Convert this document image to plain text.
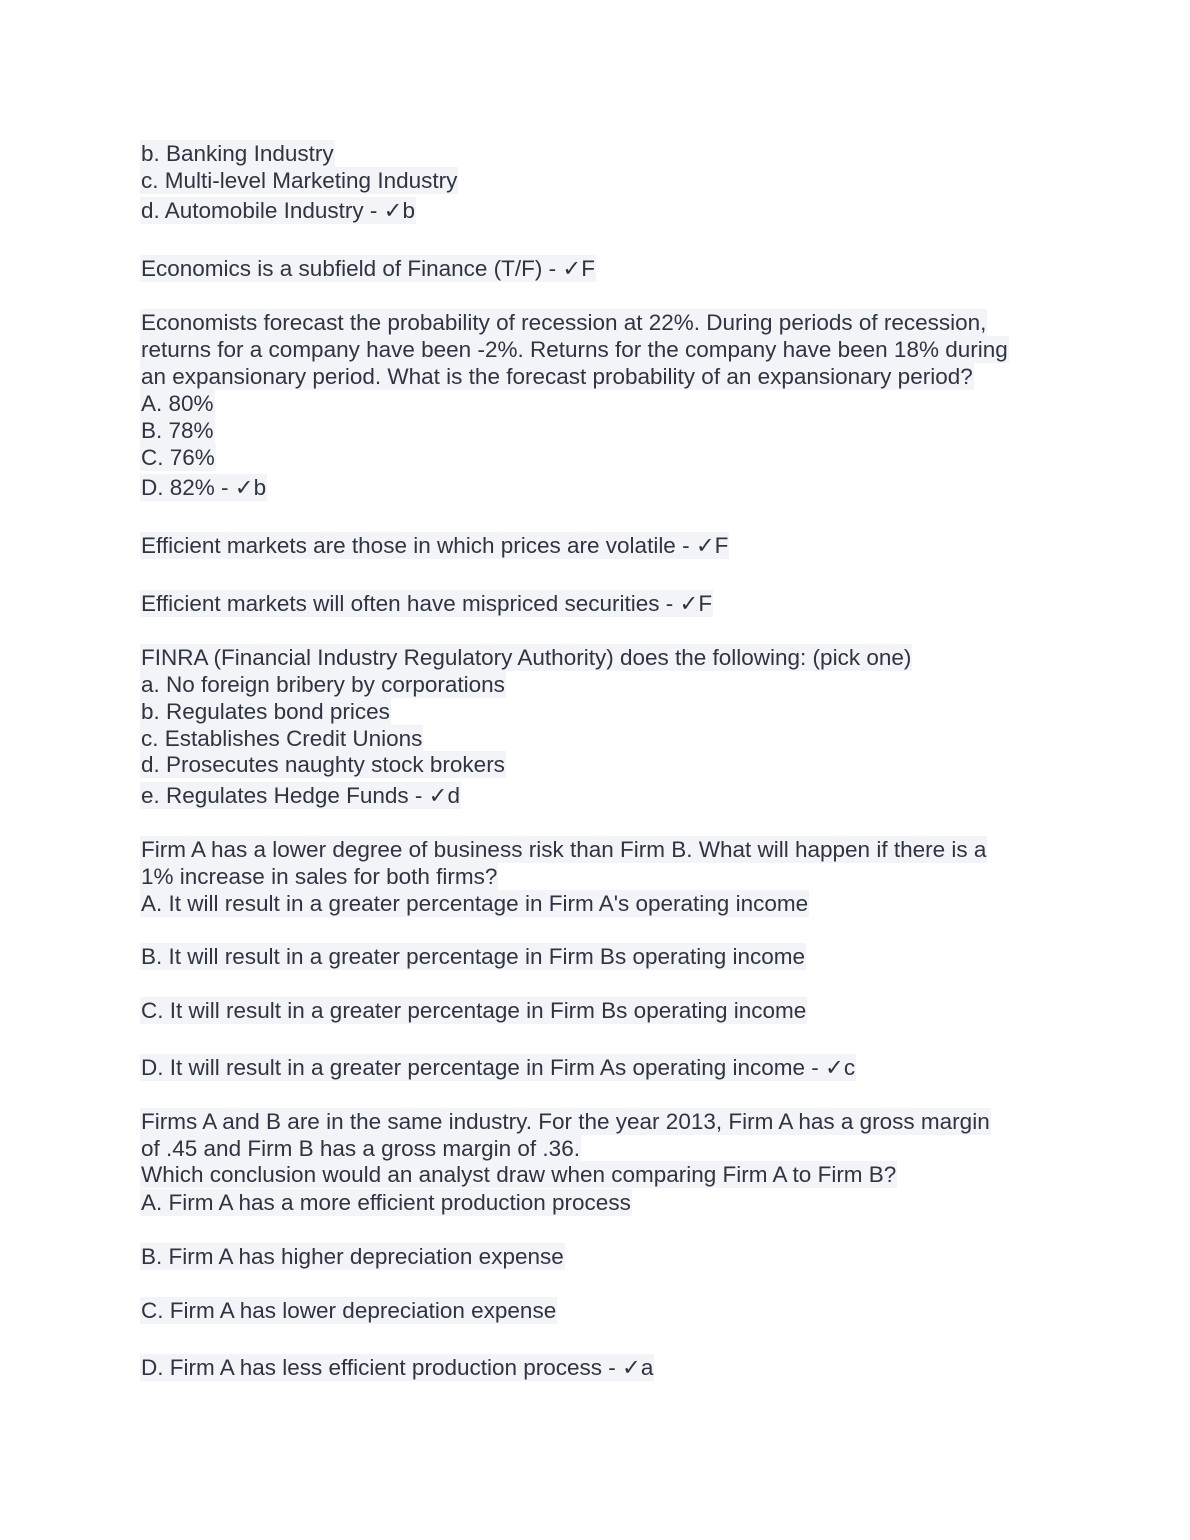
b. Banking Industry
c. Multi-level Marketing Industry
d. Automobile Industry - ✓b
Economics is a subfield of Finance (T/F) - ✓F
Economists forecast the probability of recession at 22%. During periods of recession,
returns for a company have been -2%. Returns for the company have been 18% during
an expansionary period. What is the forecast probability of an expansionary period?
A. 80%
B. 78%
C. 76%
D. 82% - ✓b
Efficient markets are those in which prices are volatile - ✓F
Efficient markets will often have mispriced securities - ✓F
FINRA (Financial Industry Regulatory Authority) does the following: (pick one)
a. No foreign bribery by corporations
b. Regulates bond prices
c. Establishes Credit Unions
d. Prosecutes naughty stock brokers
e. Regulates Hedge Funds - ✓d
Firm A has a lower degree of business risk than Firm B. What will happen if there is a
1% increase in sales for both firms?
A. It will result in a greater percentage in Firm A's operating income
B. It will result in a greater percentage in Firm Bs operating income
C. It will result in a greater percentage in Firm Bs operating income
D. It will result in a greater percentage in Firm As operating income - ✓c
Firms A and B are in the same industry. For the year 2013, Firm A has a gross margin
of .45 and Firm B has a gross margin of .36.
Which conclusion would an analyst draw when comparing Firm A to Firm B?
A. Firm A has a more efficient production process
B. Firm A has higher depreciation expense
C. Firm A has lower depreciation expense
D. Firm A has less efficient production process - ✓a
